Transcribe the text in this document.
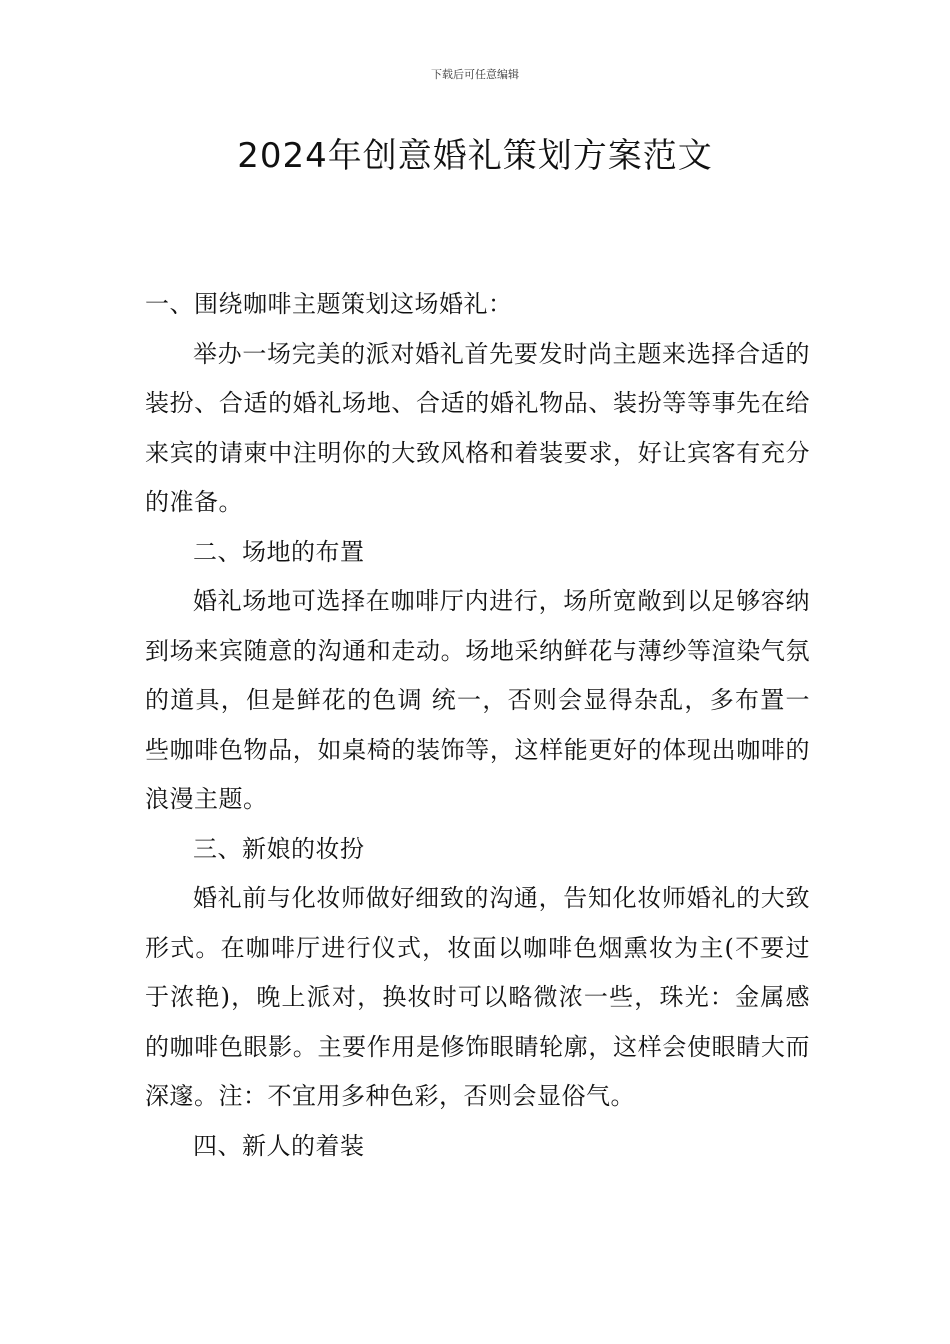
下载后可任意编辑
2024年创意婚礼策划方案范文

一、围绕咖啡主题策划这场婚礼：

举办一场完美的派对婚礼首先要发时尚主题来选择合适的装扮、合适的婚礼场地、合适的婚礼物品、装扮等等事先在给来宾的请柬中注明你的大致风格和着装要求，好让宾客有充分的准备。

二、场地的布置

婚礼场地可选择在咖啡厅内进行，场所宽敞到以足够容纳到场来宾随意的沟通和走动。场地采纳鲜花与薄纱等渲染气氛的道具，但是鲜花的色调 统一，否则会显得杂乱，多布置一些咖啡色物品，如桌椅的装饰等，这样能更好的体现出咖啡的浪漫主题。

三、新娘的妆扮

婚礼前与化妆师做好细致的沟通，告知化妆师婚礼的大致形式。在咖啡厅进行仪式，妆面以咖啡色烟熏妆为主(不要过于浓艳)，晚上派对，换妆时可以略微浓一些，珠光：金属感的咖啡色眼影。主要作用是修饰眼睛轮廓，这样会使眼睛大而深邃。注：不宜用多种色彩，否则会显俗气。

四、新人的着装
